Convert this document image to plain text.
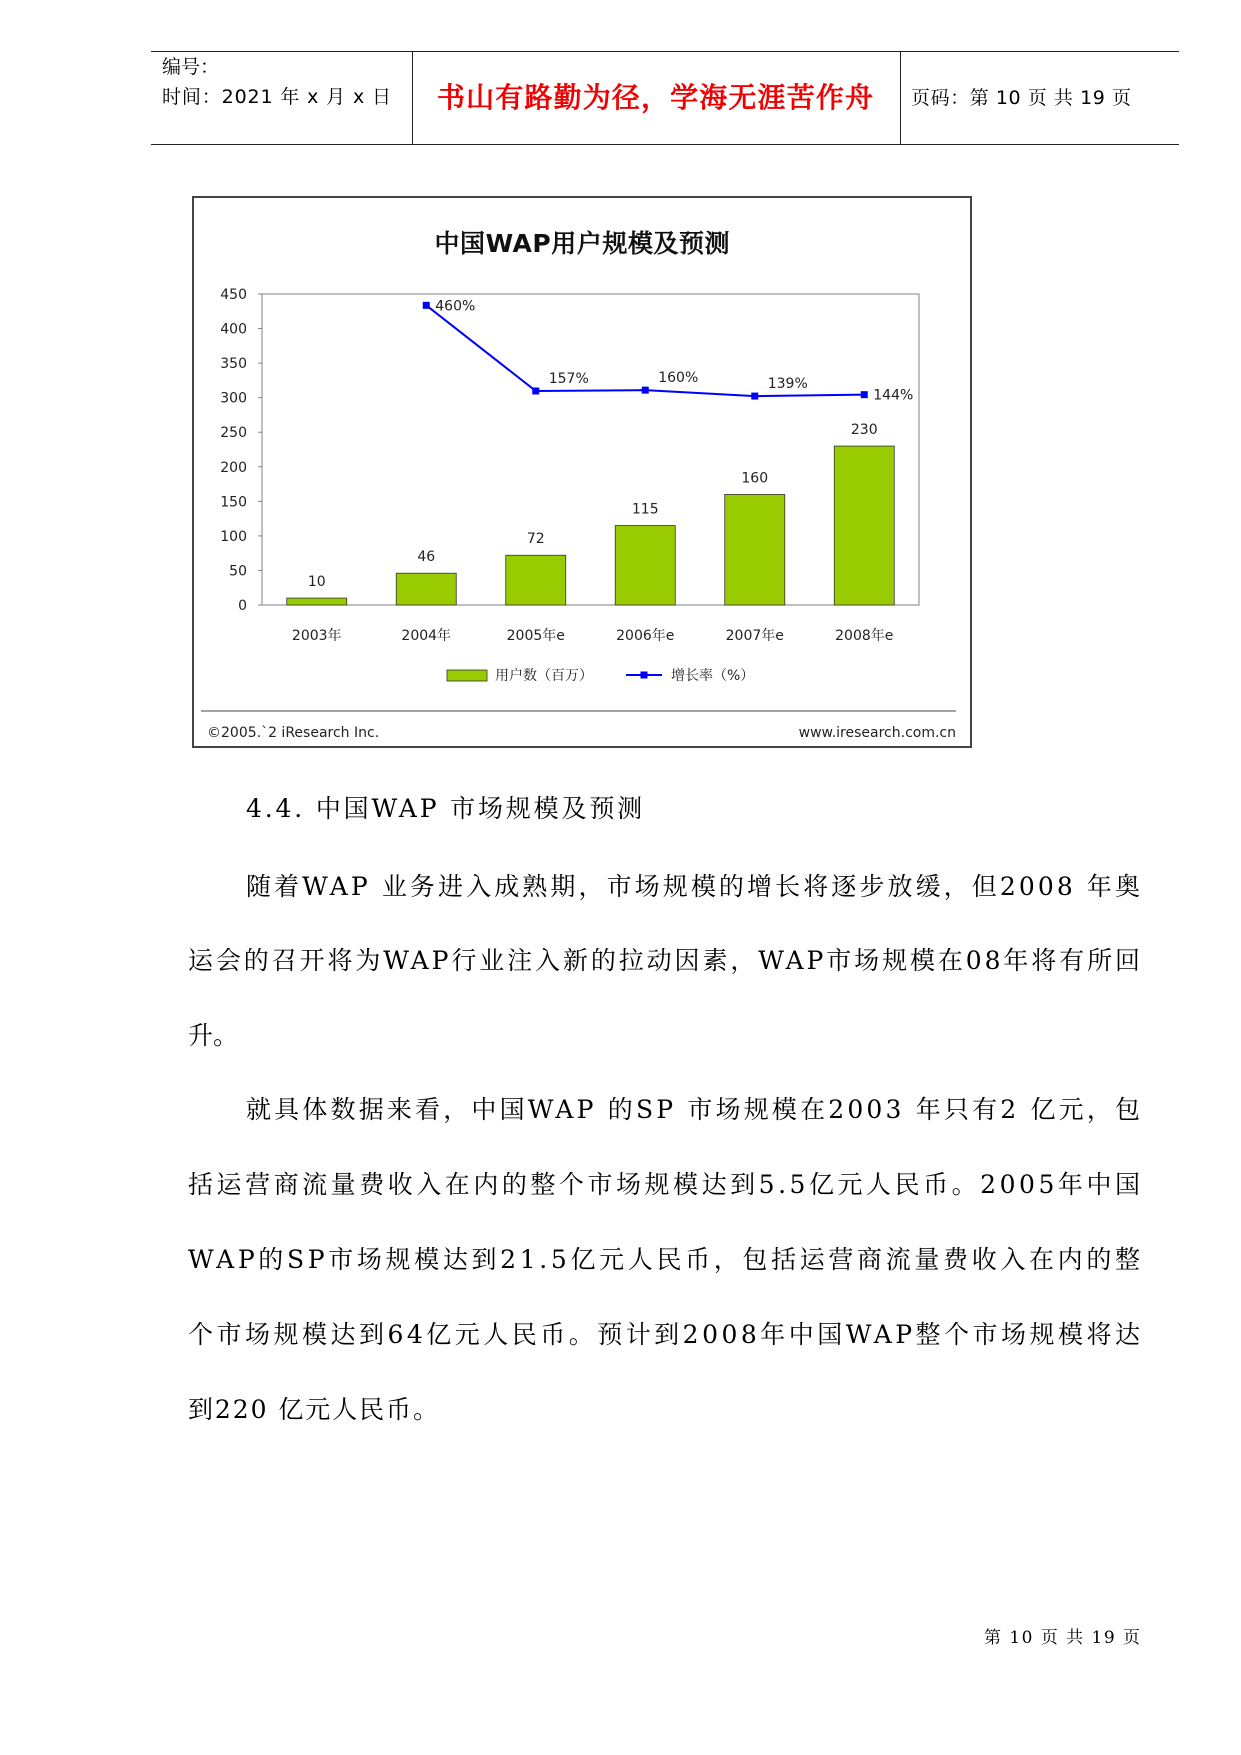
编号：
时间：2021 年 x 月 x 日 书山有路勤为径，学海无涯苦作舟 页码：第 10 页 共 19 页
中国WAP用户规模及预测
0
50
100
150
200
250
300
350
400
450
2003年	2004年	2005年e	2006年e	2007年e	2008年e
10
46
72
115
160
230
460%
157%	160%	139%
144%
用户数（百万）	增长率（%）
©2005.`2 iResearch Inc.	www.iresearch.com.cn
4.4. 中国WAP 市场规模及预测
随着WAP 业务进入成熟期，市场规模的增长将逐步放缓，但2008 年奥
运会的召开将为WAP行业注入新的拉动因素，WAP市场规模在08年将有所回
升。
就具体数据来看，中国WAP 的SP 市场规模在2003 年只有2 亿元，包
括运营商流量费收入在内的整个市场规模达到5.5亿元人民币。2005年中国
WAP的SP市场规模达到21.5亿元人民币，包括运营商流量费收入在内的整
个市场规模达到64亿元人民币。预计到2008年中国WAP整个市场规模将达
到220 亿元人民币。
第 10 页 共 19 页
